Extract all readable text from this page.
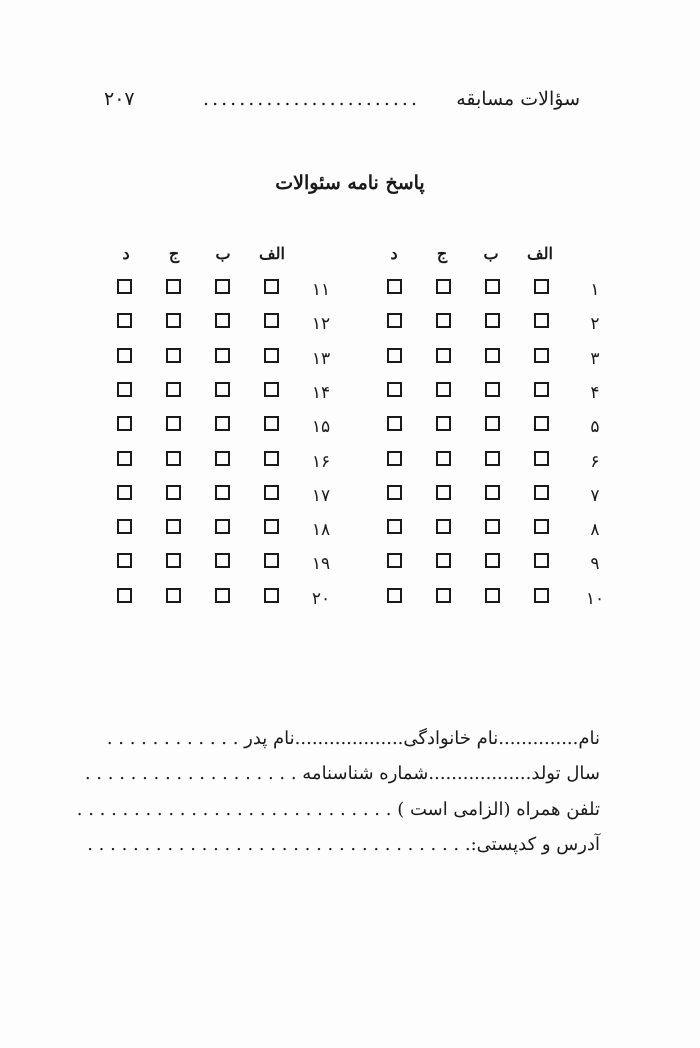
سؤالات مسابقه
........................
۲۰۷
پاسخ نامه سئوالات
الف
ب
ج
د
۱
۲
۳
۴
۵
۶
۷
۸
۹
۱۰
الف
ب
ج
د
۱۱
۱۲
۱۳
۱۴
۱۵
۱۶
۱۷
۱۸
۱۹
۲۰
نام..............نام خانوادگی...................نام پدر . . . . . . . . . . . .
سال تولد..................شماره شناسنامه . . . . . . . . . . . . . . . . . . .
تلفن همراه (الزامی است ) . . . . . . . . . . . . . . . . . . . . . . . . . . . .
آدرس و کدپستی:. . . . . . . . . . . . . . . . . . . . . . . . . . . . . . . . . .
